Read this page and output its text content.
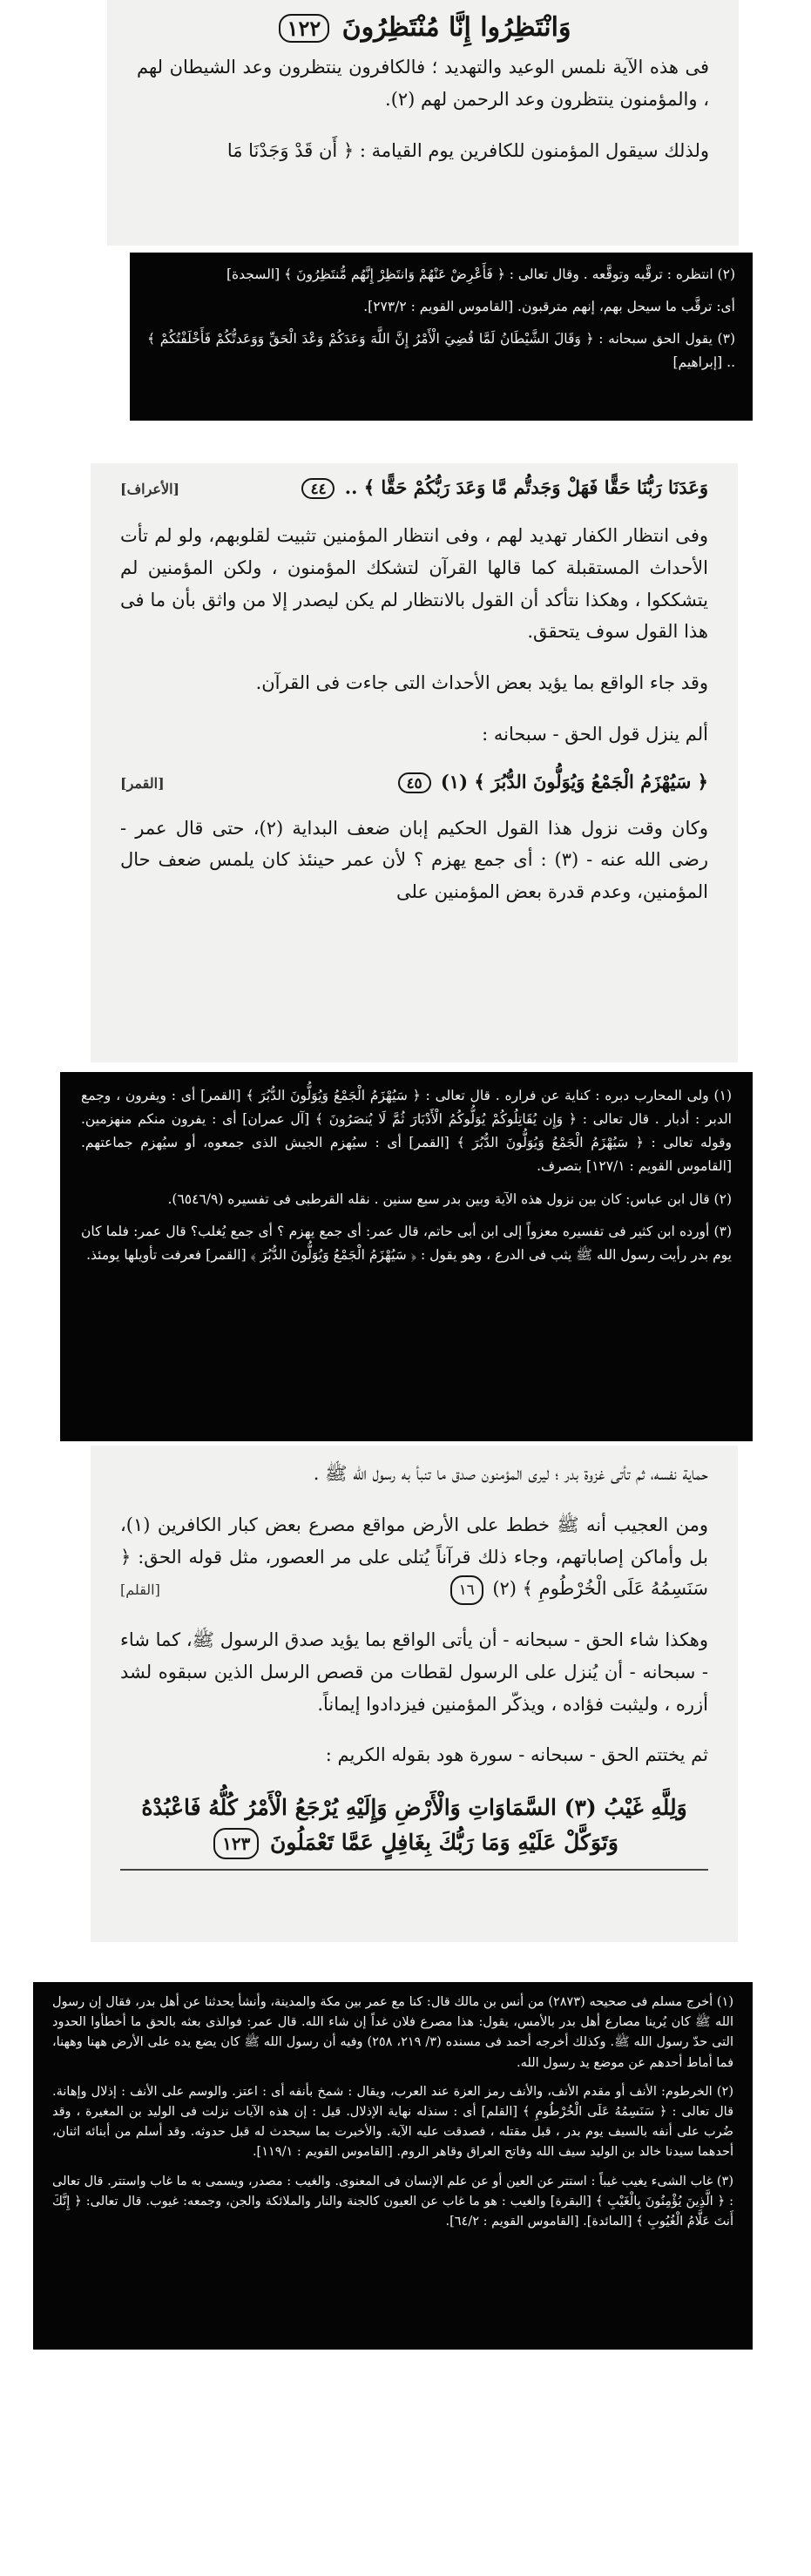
وَانْتَظِرُوا إِنَّا مُنْتَظِرُونَ ١٢٢

فى هذه الآية نلمس الوعيد والتهديد ؛ فالكافرون ينتظرون وعد الشيطان لهم ، والمؤمنون ينتظرون وعد الرحمن لهم (٢).

ولذلك سيقول المؤمنون للكافرين يوم القيامة : ﴿ أَن قَدْ وَجَدْنَا مَا

(٢) انتظره : ترقَّبه وتوقَّعه . وقال تعالى : ﴿ فَأَعْرِضْ عَنْهُمْ وَانتَظِرْ إِنَّهُم مُّنتَظِرُونَ ﴾ [السجدة]

أى: ترقَّب ما سيحل بهم، إنهم مترقبون. [القاموس القويم : ٢٧٣/٢].

(٣) يقول الحق سبحانه : ﴿ وَقَالَ الشَّيْطَانُ لَمَّا قُضِيَ الْأَمْرُ إِنَّ اللَّهَ وَعَدَكُمْ وَعْدَ الْحَقِّ وَوَعَدتُّكُمْ فَأَخْلَفْتُكُمْ ﴾ .. [إبراهيم]

وَعَدَنَا رَبُّنَا حَقًّا فَهَلْ وَجَدتُّم مَّا وَعَدَ رَبُّكُمْ حَقًّا ﴾ .. ٤٤
[الأعراف]

وفى انتظار الكفار تهديد لهم ، وفى انتظار المؤمنين تثبيت لقلوبهم، ولو لم تأت الأحداث المستقبلة كما قالها القرآن لتشكك المؤمنون ، ولكن المؤمنين لم يتشككوا ، وهكذا نتأكد أن القول بالانتظار لم يكن ليصدر إلا من واثق بأن ما فى هذا القول سوف يتحقق.

وقد جاء الواقع بما يؤيد بعض الأحداث التى جاءت فى القرآن.

ألم ينزل قول الحق - سبحانه :

﴿ سَيُهْزَمُ الْجَمْعُ وَيُوَلُّونَ الدُّبُرَ ﴾ (١) ٤٥
[القمر]

وكان وقت نزول هذا القول الحكيم إبان ضعف البداية (٢)، حتى قال عمر - رضى الله عنه - (٣) : أى جمع يهزم ؟ لأن عمر حينئذ كان يلمس ضعف حال المؤمنين، وعدم قدرة بعض المؤمنين على

(١) ولى المحارب دبره : كناية عن فراره . قال تعالى : ﴿ سَيُهْزَمُ الْجَمْعُ وَيُوَلُّونَ الدُّبُرَ ﴾ [القمر] أى : ويفرون ، وجمع الدبر : أدبار . قال تعالى : ﴿ وَإِن يُقَاتِلُوكُمْ يُوَلُّوكُمُ الْأَدْبَارَ ثُمَّ لَا يُنصَرُونَ ﴾ [آل عمران] أى : يفرون منكم منهزمين. وقوله تعالى : ﴿ سَيُهْزَمُ الْجَمْعُ وَيُوَلُّونَ الدُّبُرَ ﴾ [القمر] أى : سيُهزم الجيش الذى جمعوه، أو سيُهزم جماعتهم. [القاموس القويم : ١٢٧/١] بتصرف.

(٢) قال ابن عباس: كان بين نزول هذه الآية وبين بدر سبع سنين . نقله القرطبى فى تفسيره (٦٥٤٦/٩).

(٣) أورده ابن كثير فى تفسيره معزواً إلى ابن أبى حاتم، قال عمر: أى جمع يهزم ؟ أى جمع يُغلب؟ قال عمر: فلما كان يوم بدر رأيت رسول الله ﷺ يثب فى الدرع ، وهو يقول : ﴿ سَيُهْزَمُ الْجَمْعُ وَيُوَلُّونَ الدُّبُرَ ﴾ [القمر] فعرفت تأويلها يومئذ.

حماية نفسه، ثم تأتى غزوة بدر ؛ ليرى المؤمنون صدق ما تنبأ به رسول الله ﷺ .

ومن العجيب أنه ﷺ خطط على الأرض مواقع مصرع بعض كبار الكافرين (١)، بل وأماكن إصاباتهم، وجاء ذلك قرآناً يُتلى على مر العصور، مثل قوله الحق: ﴿ سَنَسِمُهُ عَلَى الْخُرْطُومِ ﴾ (٢) ١٦
[القلم]

وهكذا شاء الحق - سبحانه - أن يأتى الواقع بما يؤيد صدق الرسول ﷺ، كما شاء - سبحانه - أن يُنزل على الرسول لقطات من قصص الرسل الذين سبقوه لشد أزره ، وليثبت فؤاده ، ويذكّر المؤمنين فيزدادوا إيماناً.

ثم يختتم الحق - سبحانه - سورة هود بقوله الكريم :

وَلِلَّهِ غَيْبُ (٣) السَّمَاوَاتِ وَالْأَرْضِ وَإِلَيْهِ يُرْجَعُ الْأَمْرُ كُلُّهُ فَاعْبُدْهُ وَتَوَكَّلْ عَلَيْهِ وَمَا رَبُّكَ بِغَافِلٍ عَمَّا تَعْمَلُونَ ١٢٣

(١) أخرج مسلم فى صحيحه (٢٨٧٣) من أنس بن مالك قال: كنا مع عمر بين مكة والمدينة، وأنشأ يحدثنا عن أهل بدر، فقال إن رسول الله ﷺ كان يُرينا مصارع أهل بدر بالأمس، يقول: هذا مصرع فلان غداً إن شاء الله. قال عمر: فوالذى بعثه بالحق ما أخطأوا الحدود التى حدّ رسول الله ﷺ. وكذلك أخرجه أحمد فى مسنده (٣/ ٢١٩، ٢٥٨) وفيه أن رسول الله ﷺ كان يضع يده على الأرض ههنا وههنا، فما أماط أحدهم عن موضع يد رسول الله.

(٢) الخرطوم: الأنف أو مقدم الأنف، والأنف رمز العزة عند العرب، ويقال : شمخ بأنفه أى : اعتز. والوسم على الأنف : إذلال وإهانة. قال تعالى : ﴿ سَنَسِمُهُ عَلَى الْخُرْطُومِ ﴾ [القلم] أى : سنذله نهاية الإذلال. قيل : إن هذه الآيات نزلت فى الوليد بن المغيرة ، وقد ضُرب على أنفه بالسيف يوم بدر ، قبل مقتله ، فصدقت عليه الآية. والأخبرت بما سيحدث له قبل حدوثه. وقد أسلم من أبنائه اثنان، أحدهما سيدنا خالد بن الوليد سيف الله وفاتح العراق وقاهر الروم. [القاموس القويم : ١١٩/١].

(٣) غاب الشىء يغيب غيباً : استتر عن العين أو عن علم الإنسان فى المعنوى. والغيب : مصدر، ويسمى به ما غاب واستتر. قال تعالى : ﴿ الَّذِينَ يُؤْمِنُونَ بِالْغَيْبِ ﴾ [البقرة] والغيب : هو ما غاب عن العيون كالجنة والنار والملائكة والجن، وجمعه: غيوب. قال تعالى: ﴿ إِنَّكَ أَنتَ عَلَّامُ الْغُيُوبِ ﴾ [المائدة]. [القاموس القويم : ٦٤/٢].
